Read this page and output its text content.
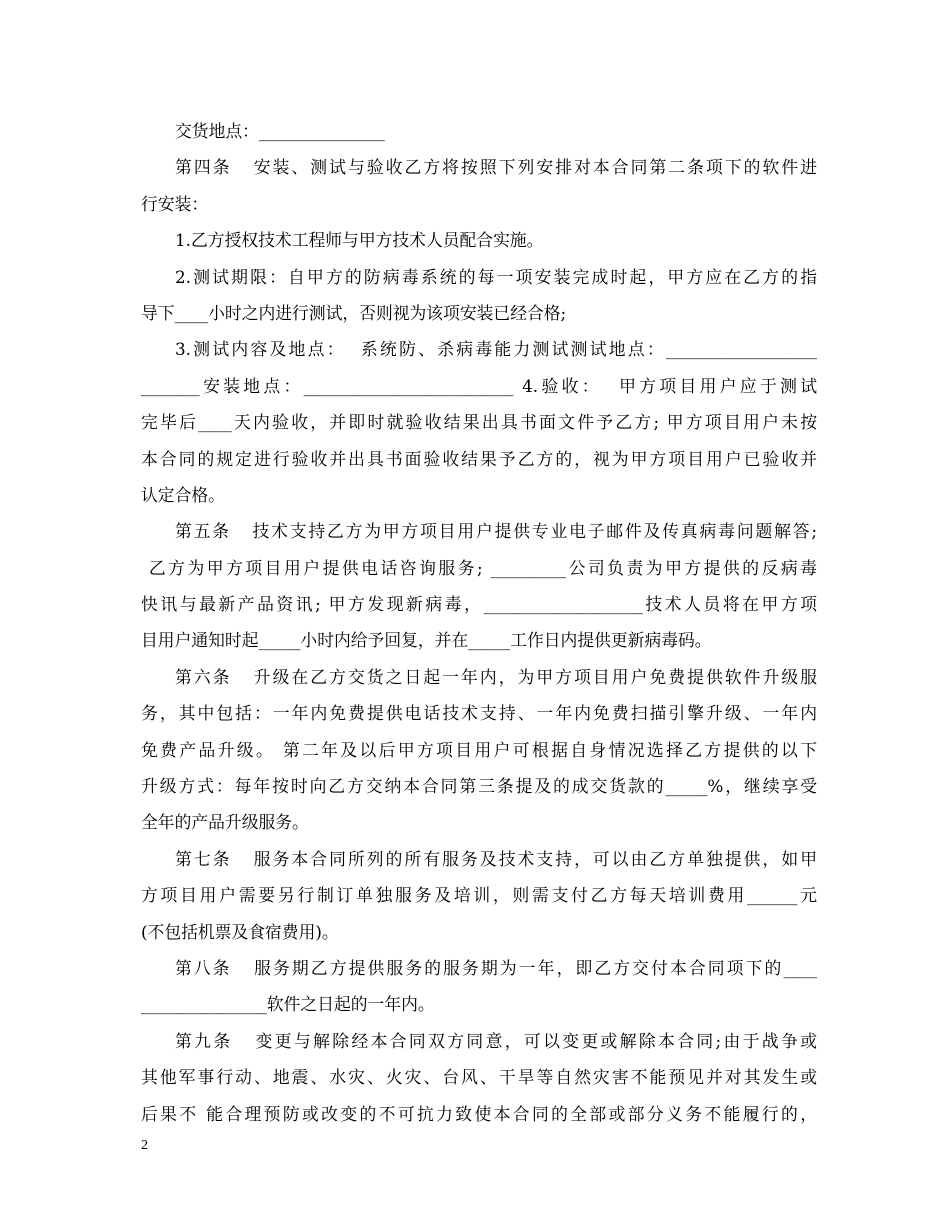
交货地点：_______________
第四条   安装、测试与验收乙方将按照下列安排对本合同第二条项下的软件进
行安装：
1.乙方授权技术工程师与甲方技术人员配合实施。
2.测试期限：自甲方的防病毒系统的每一项安装完成时起，甲方应在乙方的指
导下____小时之内进行测试，否则视为该项安装已经合格;
3.测试内容及地点：  系统防、杀病毒能力测试测试地点：__________________
_______安装地点：_________________________ 4.验收：  甲方项目用户应于测试
完毕后____天内验收，并即时就验收结果出具书面文件予乙方; 甲方项目用户未按
本合同的规定进行验收并出具书面验收结果予乙方的，视为甲方项目用户已验收并
认定合格。
第五条   技术支持乙方为甲方项目用户提供专业电子邮件及传真病毒问题解答;
乙方为甲方项目用户提供电话咨询服务; _________公司负责为甲方提供的反病毒
快讯与最新产品资讯; 甲方发现新病毒，___________________技术人员将在甲方项
目用户通知时起_____小时内给予回复，并在_____工作日内提供更新病毒码。
第六条   升级在乙方交货之日起一年内，为甲方项目用户免费提供软件升级服
务，其中包括：一年内免费提供电话技术支持、一年内免费扫描引擎升级、一年内
免费产品升级。 第二年及以后甲方项目用户可根据自身情况选择乙方提供的以下
升级方式：每年按时向乙方交纳本合同第三条提及的成交货款的_____%，继续享受
全年的产品升级服务。
第七条   服务本合同所列的所有服务及技术支持，可以由乙方单独提供，如甲
方项目用户需要另行制订单独服务及培训，则需支付乙方每天培训费用______元
(不包括机票及食宿费用)。
第八条   服务期乙方提供服务的服务期为一年，即乙方交付本合同项下的____
_______________软件之日起的一年内。
第九条   变更与解除经本合同双方同意，可以变更或解除本合同;由于战争或
其他军事行动、地震、水灾、火灾、台风、干旱等自然灾害不能预见并对其发生或
后果不 能合理预防或改变的不可抗力致使本合同的全部或部分义务不能履行的，
2
